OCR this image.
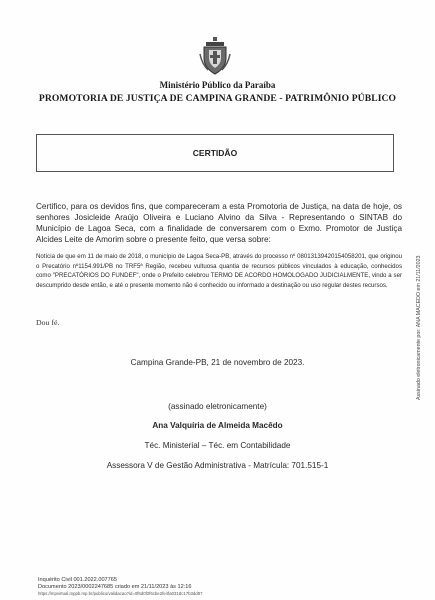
Ministério Público da Paraíba
PROMOTORIA DE JUSTIÇA DE CAMPINA GRANDE - PATRIMÔNIO PÚBLICO
CERTIDÃO

Certifico, para os devidos fins, que compareceram a esta Promotoria de Justiça, na data de hoje, os senhores Josicleide Araújo Oliveira e Luciano Alvino da Silva - Representando o SINTAB do Município de Lagoa Seca, com a finalidade de conversarem com o Exmo. Promotor de Justiça Alcides Leite de Amorim sobre o presente feito, que versa sobre:

Notícia de que em 11 de maio de 2018, o município de Lagoa Seca-PB, através do processo nº 08013139420154058201, que originou o Precatório nº1154.991/PB no TRF5ª Região, recebeu vultuosa quantia de recursos públicos vinculados à educação, conhecidos como "PRECATÓRIOS DO FUNDEF", onde o Prefeito celebrou TERMO DE ACORDO HOMOLOGADO JUDICIALMENTE, vindo a ser descumprido desde então, e até o presente momento não é conhecido ou informado a destinação ou uso regular destes recursos.

Dou fé.
Campina Grande-PB, 21 de novembro de 2023.
(assinado eletronicamente)
Ana Valquíria de Almeida Macêdo
Téc. Ministerial – Téc. em Contabilidade
Assessora V de Gestão Administrativa - Matrícula: 701.515-1
Assinado eletronicamente por: ANA MACEDO em 21/11/2023
Inquérito Civil 001.2022.007765
Documento 2023/0002247685 criado em 21/11/2023 às 12:16
https://mpvirtual.mppb.mp.br/publico/validacao?id=0f6d0f2f6cbe2fe4fa0318c17b3dd87
